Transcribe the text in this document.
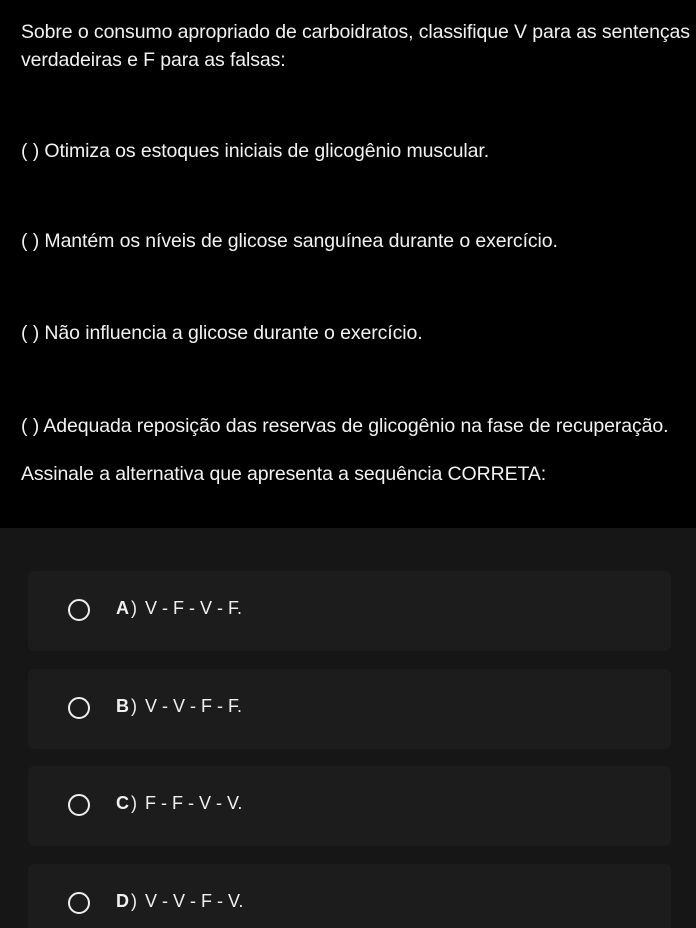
Sobre o consumo apropriado de carboidratos, classifique V para as sentenças
verdadeiras e F para as falsas:
( ) Otimiza os estoques iniciais de glicogênio muscular.
( ) Mantém os níveis de glicose sanguínea durante o exercício.
( ) Não influencia a glicose durante o exercício.
( ) Adequada reposição das reservas de glicogênio na fase de recuperação.
Assinale a alternativa que apresenta a sequência CORRETA:
A ) V - F - V - F.
B ) V - V - F - F.
C ) F - F - V - V.
D ) V - V - F - V.
